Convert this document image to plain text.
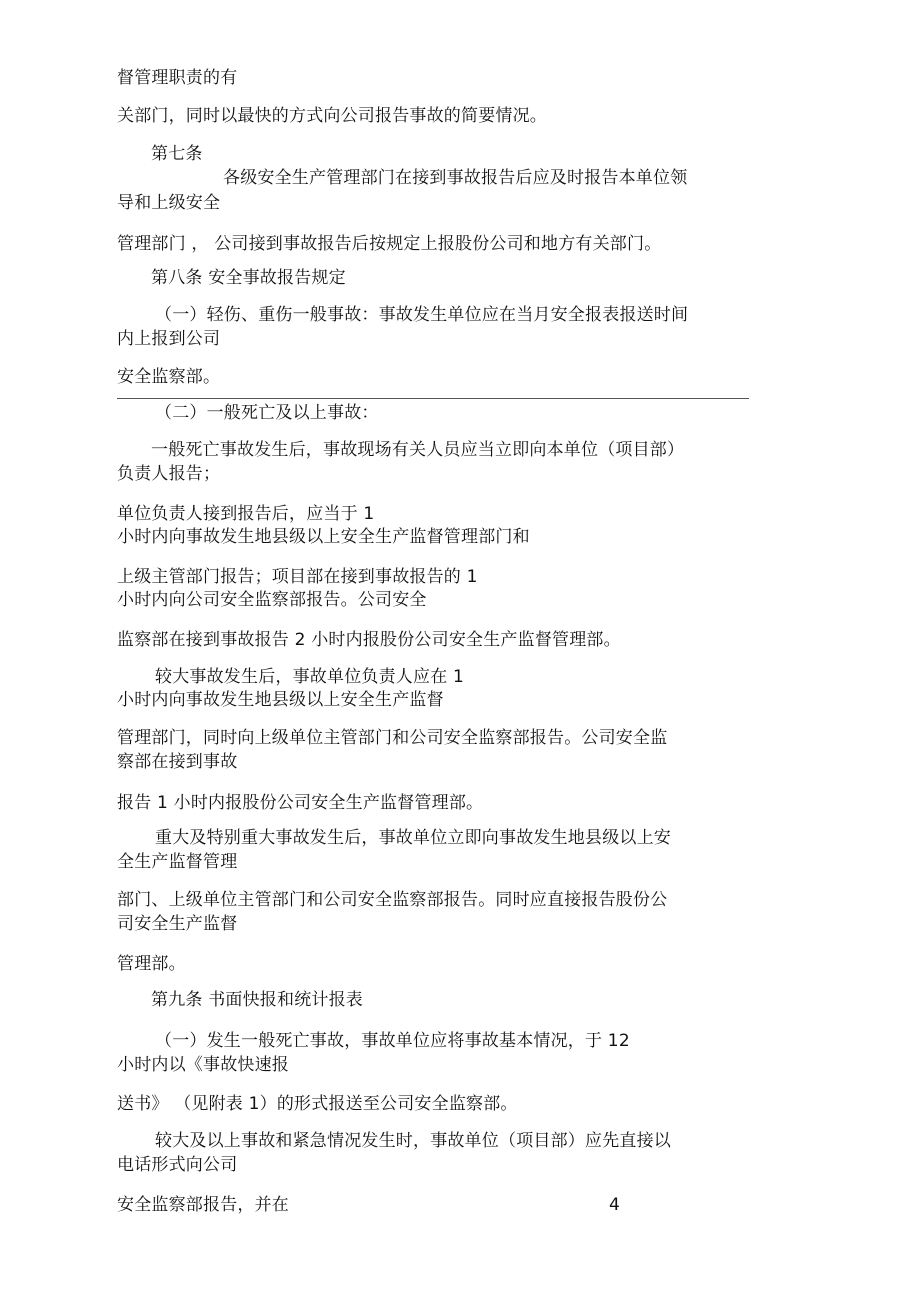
督管理职责的有
关部门，同时以最快的方式向公司报告事故的简要情况。
第七条
各级安全生产管理部门在接到事故报告后应及时报告本单位领
导和上级安全
管理部门 ， 公司接到事故报告后按规定上报股份公司和地方有关部门。
第八条 安全事故报告规定
（一）轻伤、重伤一般事故：事故发生单位应在当月安全报表报送时间
内上报到公司
安全监察部。
（二）一般死亡及以上事故：
一般死亡事故发生后，事故现场有关人员应当立即向本单位（项目部）
负责人报告；
单位负责人接到报告后，应当于 1
小时内向事故发生地县级以上安全生产监督管理部门和
上级主管部门报告；项目部在接到事故报告的 1
小时内向公司安全监察部报告。公司安全
监察部在接到事故报告 2 小时内报股份公司安全生产监督管理部。
较大事故发生后，事故单位负责人应在 1
小时内向事故发生地县级以上安全生产监督
管理部门，同时向上级单位主管部门和公司安全监察部报告。公司安全监
察部在接到事故
报告 1 小时内报股份公司安全生产监督管理部。
重大及特别重大事故发生后，事故单位立即向事故发生地县级以上安
全生产监督管理
部门、上级单位主管部门和公司安全监察部报告。同时应直接报告股份公
司安全生产监督
管理部。
第九条 书面快报和统计报表
（一）发生一般死亡事故，事故单位应将事故基本情况，于 12
小时内以《事故快速报
送书》 （见附表 1）的形式报送至公司安全监察部。
较大及以上事故和紧急情况发生时，事故单位（项目部）应先直接以
电话形式向公司
安全监察部报告，并在	4
